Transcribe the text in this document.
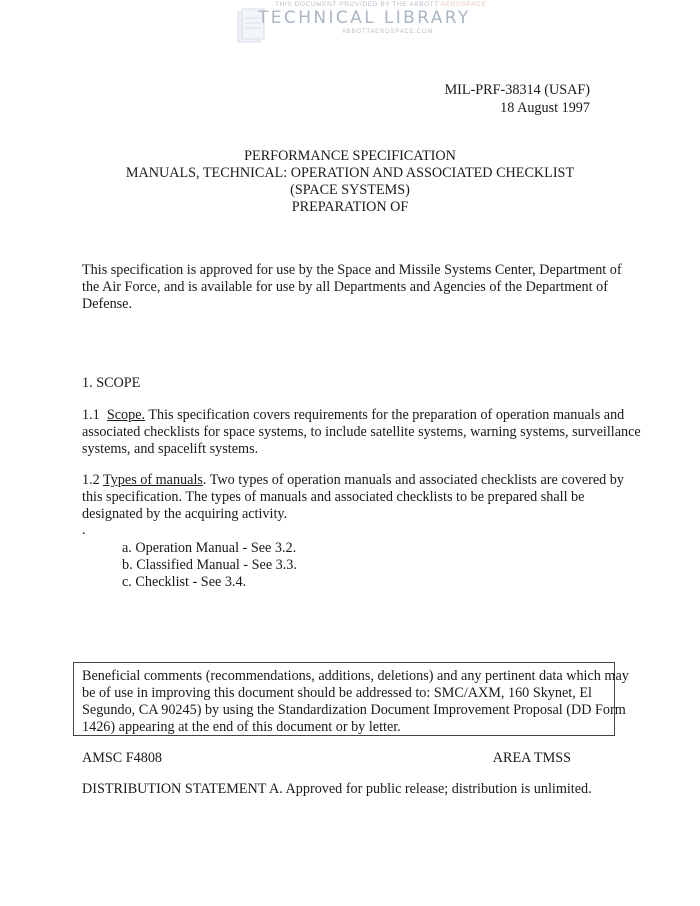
THIS DOCUMENT PROVIDED BY THE ABBOTT AEROSPACE
TECHNICAL LIBRARY
ABBOTTAEROSPACE.COM
MIL-PRF-38314 (USAF)
18 August 1997
PERFORMANCE SPECIFICATION
MANUALS, TECHNICAL: OPERATION AND ASSOCIATED CHECKLIST
(SPACE SYSTEMS)
PREPARATION OF
This specification is approved for use by the Space and Missile Systems Center, Department of
the Air Force, and is available for use by all Departments and Agencies of the Department of
Defense.
1. SCOPE
1.1 Scope. This specification covers requirements for the preparation of operation manuals and
associated checklists for space systems, to include satellite systems, warning systems, surveillance
systems, and spacelift systems.
1.2 Types of manuals. Two types of operation manuals and associated checklists are covered by
this specification. The types of manuals and associated checklists to be prepared shall be
designated by the acquiring activity.
.
a. Operation Manual - See 3.2.
b. Classified Manual - See 3.3.
c. Checklist - See 3.4.
Beneficial comments (recommendations, additions, deletions) and any pertinent data which may
be of use in improving this document should be addressed to: SMC/AXM, 160 Skynet, El
Segundo, CA 90245) by using the Standardization Document Improvement Proposal (DD Form
1426) appearing at the end of this document or by letter.
AMSC F4808	AREA TMSS
DISTRIBUTION STATEMENT A. Approved for public release; distribution is unlimited.
